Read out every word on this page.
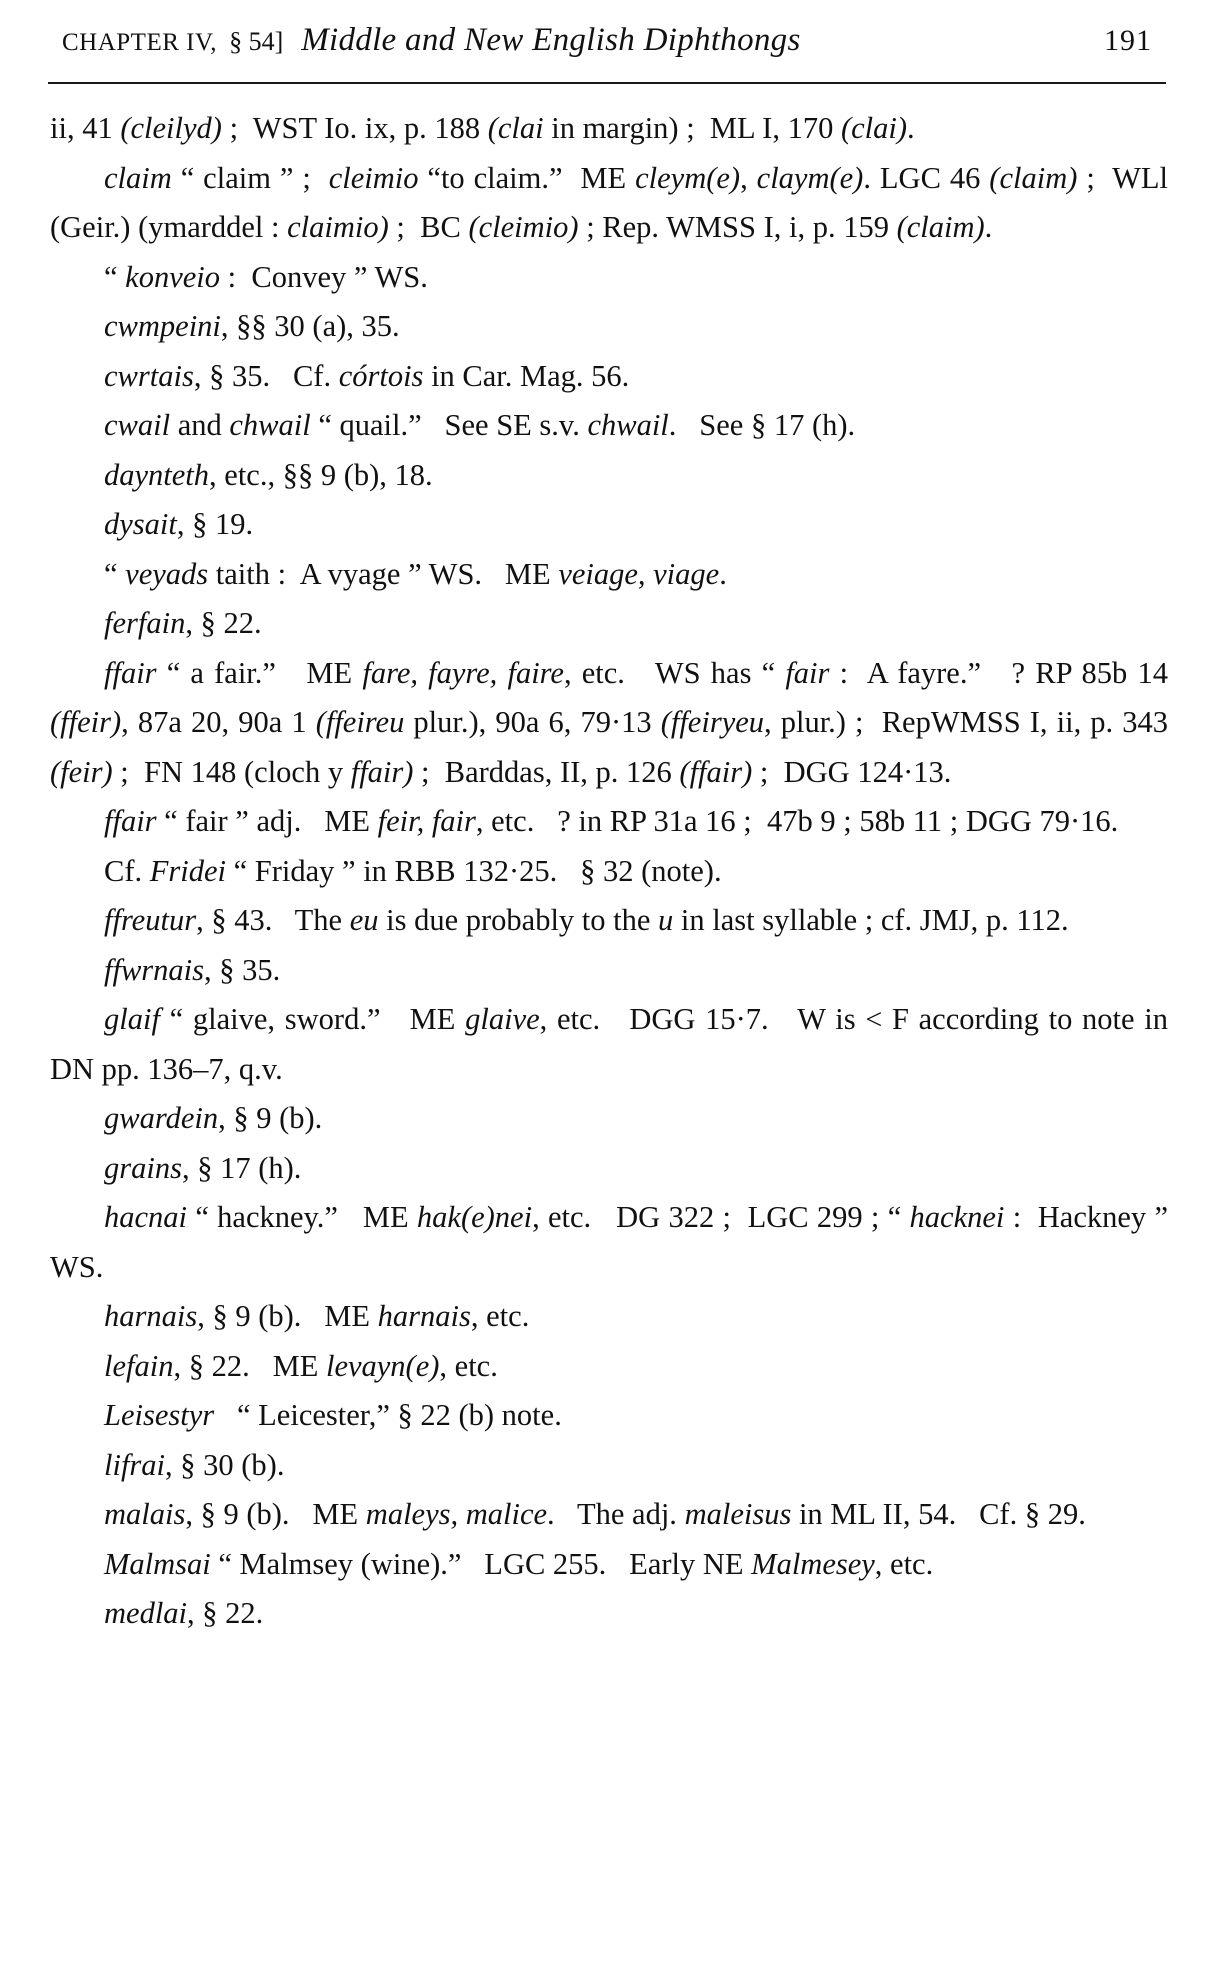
CHAPTER IV, § 54] Middle and New English Diphthongs	191

ii, 41 (cleilyd) ;  WST Io. ix, p. 188 (clai in margin) ;  ML I, 170 (clai).

claim “ claim ” ;  cleimio “to claim.”  ME cleym(e), claym(e). LGC 46 (claim) ;  WLl (Geir.) (ymarddel : claimio) ;  BC (cleimio) ; Rep. WMSS I, i, p. 159 (claim).

“ konveio :  Convey ” WS.

cwmpeini, §§ 30 (a), 35.

cwrtais, § 35.   Cf. córtois in Car. Mag. 56.

cwail and chwail “ quail.”   See SE s.v. chwail.   See § 17 (h).

daynteth, etc., §§ 9 (b), 18.

dysait, § 19.

“ veyads taith :  A vyage ” WS.   ME veiage, viage.

ferfain, § 22.

ffair “ a fair.”   ME fare, fayre, faire, etc.   WS has “ fair :  A fayre.”   ? RP 85b 14 (ffeir), 87a 20, 90a 1 (ffeireu plur.), 90a 6, 79·13 (ffeiryeu, plur.) ;  RepWMSS I, ii, p. 343 (feir) ;  FN 148 (cloch y ffair) ;  Barddas, II, p. 126 (ffair) ;  DGG 124·13.

ffair “ fair ” adj.   ME feir, fair, etc.   ? in RP 31a 16 ;  47b 9 ; 58b 11 ; DGG 79·16.

Cf. Fridei “ Friday ” in RBB 132·25.   § 32 (note).

ffreutur, § 43.   The eu is due probably to the u in last syllable ; cf. JMJ, p. 112.

ffwrnais, § 35.

glaif “ glaive, sword.”   ME glaive, etc.   DGG 15·7.   W is < F according to note in DN pp. 136–7, q.v.

gwardein, § 9 (b).

grains, § 17 (h).

hacnai “ hackney.”   ME hak(e)nei, etc.   DG 322 ;  LGC 299 ; “ hacknei :  Hackney ” WS.

harnais, § 9 (b).   ME harnais, etc.

lefain, § 22.   ME levayn(e), etc.

Leisestyr   “ Leicester,” § 22 (b) note.

lifrai, § 30 (b).

malais, § 9 (b).   ME maleys, malice.   The adj. maleisus in ML II, 54.   Cf. § 29.

Malmsai “ Malmsey (wine).”   LGC 255.   Early NE Malmesey, etc.

medlai, § 22.
